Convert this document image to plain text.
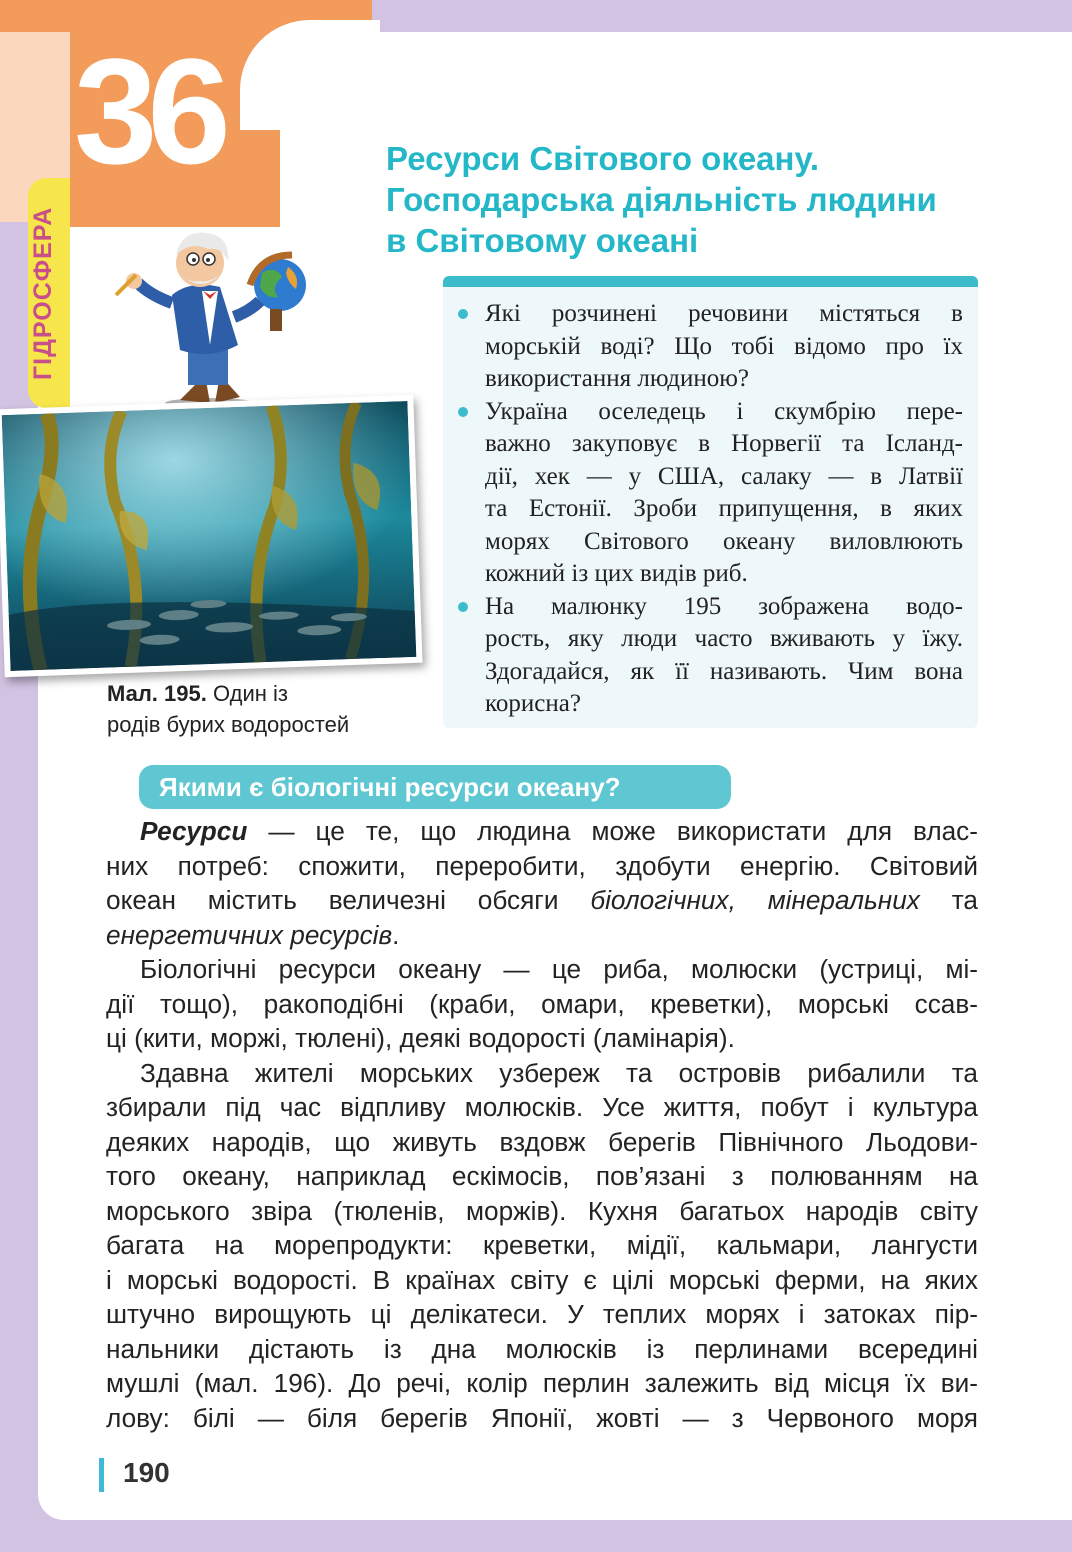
36
ГІДРОСФЕРА
Ресурси Світового океану.
Господарська діяльність людини
в Світовому океані
Мал. 195. Один із
родів бурих водоростей
Які розчинені речовини містяться в
морській воді? Що тобі відомо про їх
використання людиною?
Україна оселедець і скумбрію пере-
важно закуповує в Норвегії та Ісланд-
дії, хек — у США, салаку — в Латвії
та Естонії. Зроби припущення, в яких
морях Світового океану виловлюють
кожний із цих видів риб.
На малюнку 195 зображена водо-
рость, яку люди часто вживають у їжу.
Здогадайся, як її називають. Чим вона
корисна?
Якими є біологічні ресурси океану?
Ресурси — це те, що людина може використати для влас-
них потреб: спожити, переробити, здобути енергію. Світовий
океан містить величезні обсяги біологічних, мінеральних та
енергетичних ресурсів.
Біологічні ресурси океану — це риба, молюски (устриці, мі-
дії тощо), ракоподібні (краби, омари, креветки), морські ссав-
ці (кити, моржі, тюлені), деякі водорості (ламінарія).
Здавна жителі морських узбереж та островів рибалили та
збирали під час відпливу молюсків. Усе життя, побут і культура
деяких народів, що живуть вздовж берегів Північного Льодови-
того океану, наприклад ескімосів, пов’язані з полюванням на
морського звіра (тюленів, моржів). Кухня багатьох народів світу
багата на морепродукти: креветки, мідії, кальмари, лангусти
і морські водорості. В країнах світу є цілі морські ферми, на яких
штучно вирощують ці делікатеси. У теплих морях і затоках пір-
нальники дістають із дна молюсків із перлинами всередині
мушлі (мал. 196). До речі, колір перлин залежить від місця їх ви-
лову: білі — біля берегів Японії, жовті — з Червоного моря
190
